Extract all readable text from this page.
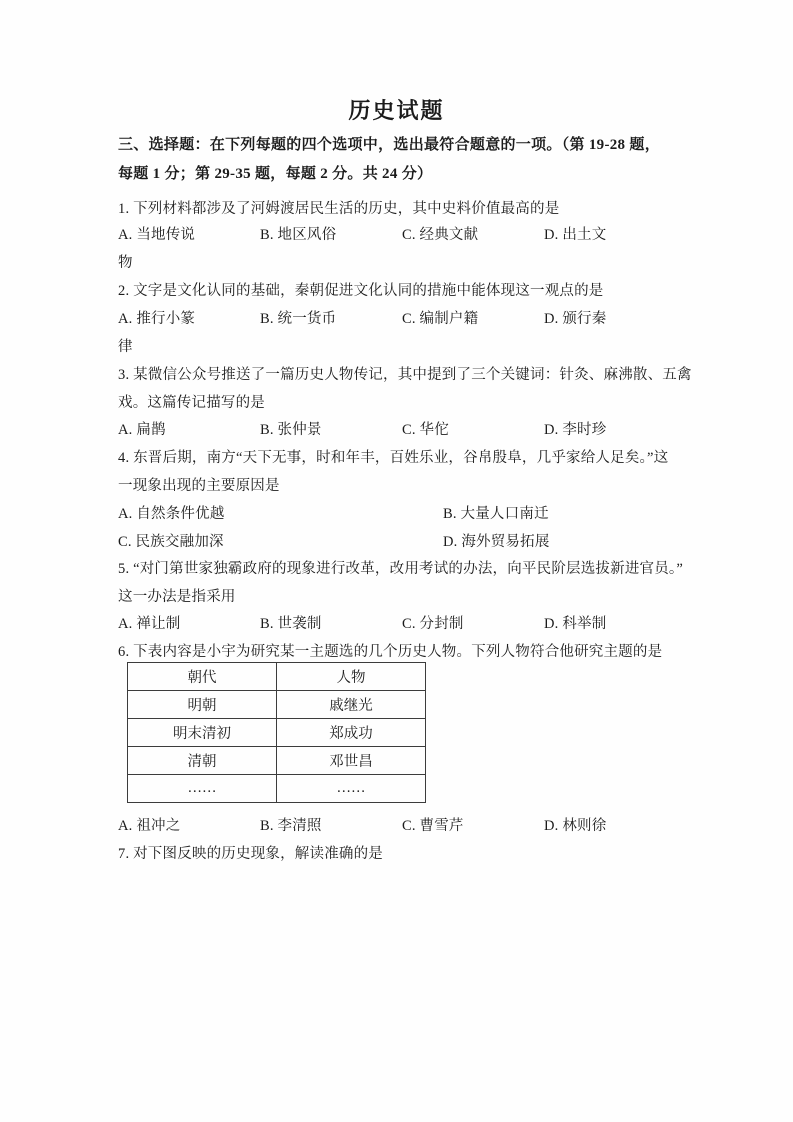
历史试题
三、选择题：在下列每题的四个选项中，选出最符合题意的一项。（第 19-28 题，
每题 1 分；第 29-35 题，每题 2 分。共 24 分）
1. 下列材料都涉及了河姆渡居民生活的历史，其中史料价值最高的是
A. 当地传说	B. 地区风俗	C. 经典文献	D. 出土文
物
2. 文字是文化认同的基础，秦朝促进文化认同的措施中能体现这一观点的是
A. 推行小篆	B. 统一货币	C. 编制户籍	D. 颁行秦
律
3. 某微信公众号推送了一篇历史人物传记，其中提到了三个关键词：针灸、麻沸散、五禽
戏。这篇传记描写的是
A. 扁鹊	B. 张仲景	C. 华佗	D. 李时珍
4. 东晋后期，南方“天下无事，时和年丰，百姓乐业，谷帛殷阜，几乎家给人足矣。”这
一现象出现的主要原因是
A. 自然条件优越	B. 大量人口南迁
C. 民族交融加深	D. 海外贸易拓展
5. “对门第世家独霸政府的现象进行改革，改用考试的办法，向平民阶层选拔新进官员。”
这一办法是指采用
A. 禅让制	B. 世袭制	C. 分封制	D. 科举制
6. 下表内容是小宇为研究某一主题选的几个历史人物。下列人物符合他研究主题的是
朝代	人物
明朝	戚继光
明末清初	郑成功
清朝	邓世昌
……	……
A. 祖冲之	B. 李清照	C. 曹雪芹	D. 林则徐
7. 对下图反映的历史现象，解读准确的是
